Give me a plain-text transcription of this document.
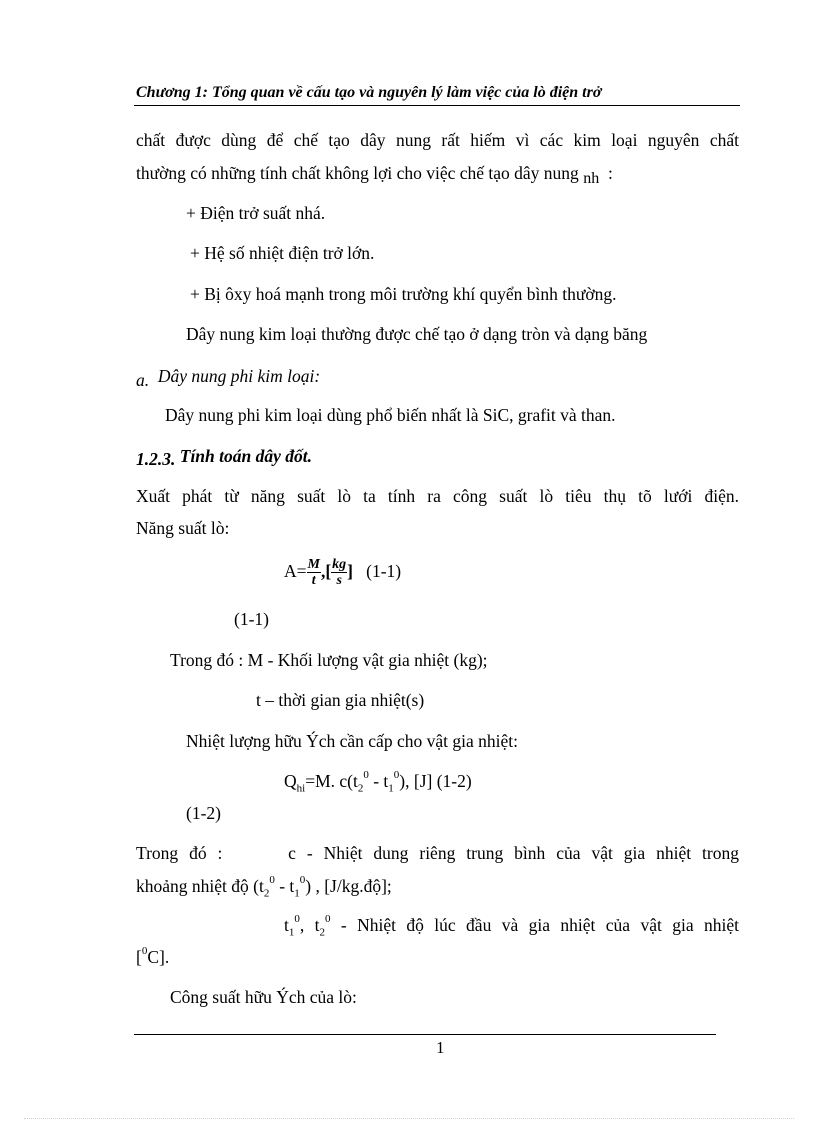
Chương 1: Tổng quan về cấu tạo và nguyên lý làm việc của lò điện trở
chất được dùng để chế tạo dây nung rất hiếm vì các kim loại nguyên chất
thường có những tính chất không lợi cho việc chế tạo dây nung nh :
+ Điện trở suất nhá.
+ Hệ số nhiệt điện trở lớn.
+ Bị ôxy hoá mạnh trong môi trường khí quyển bình thường.
Dây nung kim loại thường được chế tạo ở dạng tròn và dạng băng
a. Dây nung phi kim loại:
Dây nung phi kim loại dùng phổ biến nhất là SiC, grafit và than.
1.2.3. Tính toán dây đốt.
Xuất phát từ năng suất lò ta tính ra công suất lò tiêu thụ tõ lưới điện.
Năng suất lò:
$A= \frac{M}{t}$ ,[ $\frac{kg}{s}$ ] (1-1)
(1-1)
Trong đó : M - Khối lượng vật gia nhiệt (kg);
t – thời gian gia nhiệt(s)
Nhiệt lượng hữu Ých cần cấp cho vật gia nhiệt:
$Q_{hi}=M$. $c(t_2^0 - t_1^0)$, [J] (1-2)
(1-2)
Trong đó :      c - Nhiệt dung riêng trung bình của vật gia nhiệt trong
khoảng nhiệt độ $(t_2^0 - t_1^0)$ , [J/kg.độ];
$t_1^0$, $t_2^0$ - Nhiệt độ lúc đầu và gia nhiệt của vật gia nhiệt
[$^0$C].
Công suất hữu Ých của lò:
1
